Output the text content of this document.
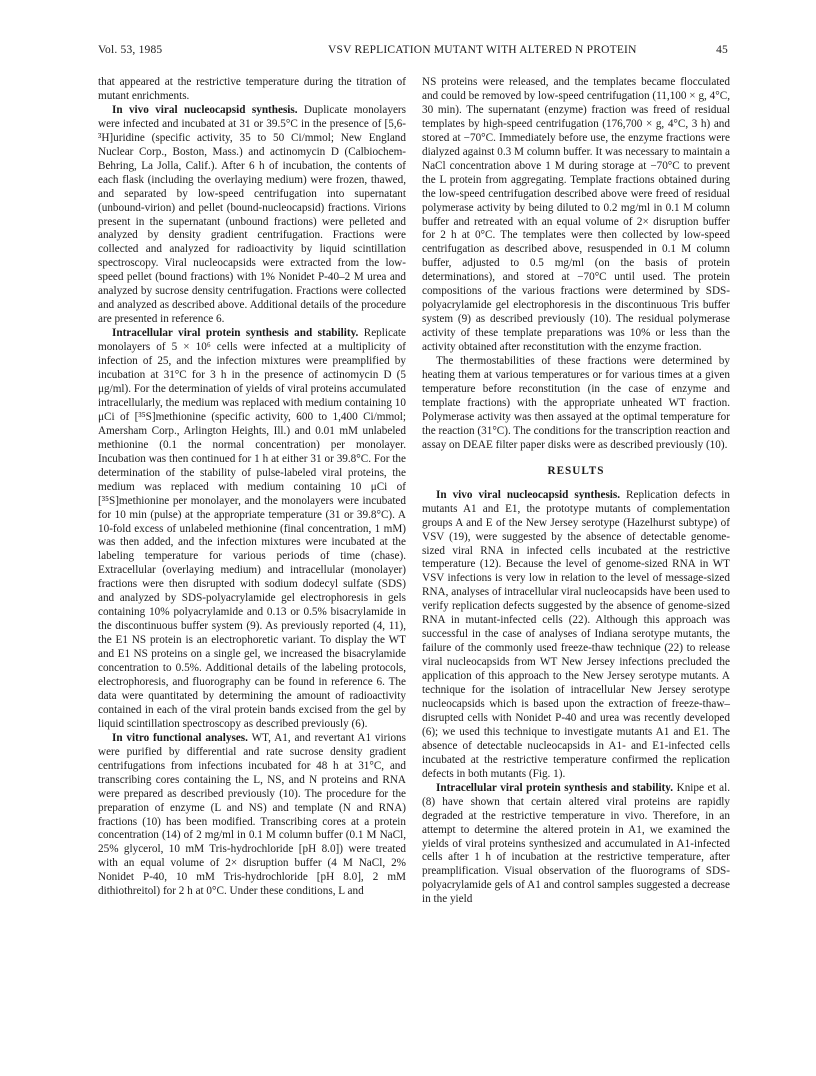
Vol. 53, 1985	VSV REPLICATION MUTANT WITH ALTERED N PROTEIN	45

that appeared at the restrictive temperature during the titration of mutant enrichments.

In vivo viral nucleocapsid synthesis. Duplicate monolayers were infected and incubated at 31 or 39.5°C in the presence of [5,6-³H]uridine (specific activity, 35 to 50 Ci/mmol; New England Nuclear Corp., Boston, Mass.) and actinomycin D (Calbiochem-Behring, La Jolla, Calif.). After 6 h of incubation, the contents of each flask (including the overlaying medium) were frozen, thawed, and separated by low-speed centrifugation into supernatant (unbound-virion) and pellet (bound-nucleocapsid) fractions. Virions present in the supernatant (unbound fractions) were pelleted and analyzed by density gradient centrifugation. Fractions were collected and analyzed for radioactivity by liquid scintillation spectroscopy. Viral nucleocapsids were extracted from the low-speed pellet (bound fractions) with 1% Nonidet P-40–2 M urea and analyzed by sucrose density centrifugation. Fractions were collected and analyzed as described above. Additional details of the procedure are presented in reference 6.

Intracellular viral protein synthesis and stability. Replicate monolayers of 5 × 10⁶ cells were infected at a multiplicity of infection of 25, and the infection mixtures were preamplified by incubation at 31°C for 3 h in the presence of actinomycin D (5 μg/ml). For the determination of yields of viral proteins accumulated intracellularly, the medium was replaced with medium containing 10 μCi of [³⁵S]methionine (specific activity, 600 to 1,400 Ci/mmol; Amersham Corp., Arlington Heights, Ill.) and 0.01 mM unlabeled methionine (0.1 the normal concentration) per monolayer. Incubation was then continued for 1 h at either 31 or 39.8°C. For the determination of the stability of pulse-labeled viral proteins, the medium was replaced with medium containing 10 μCi of [³⁵S]methionine per monolayer, and the monolayers were incubated for 10 min (pulse) at the appropriate temperature (31 or 39.8°C). A 10-fold excess of unlabeled methionine (final concentration, 1 mM) was then added, and the infection mixtures were incubated at the labeling temperature for various periods of time (chase). Extracellular (overlaying medium) and intracellular (monolayer) fractions were then disrupted with sodium dodecyl sulfate (SDS) and analyzed by SDS-polyacrylamide gel electrophoresis in gels containing 10% polyacrylamide and 0.13 or 0.5% bisacrylamide in the discontinuous buffer system (9). As previously reported (4, 11), the E1 NS protein is an electrophoretic variant. To display the WT and E1 NS proteins on a single gel, we increased the bisacrylamide concentration to 0.5%. Additional details of the labeling protocols, electrophoresis, and fluorography can be found in reference 6. The data were quantitated by determining the amount of radioactivity contained in each of the viral protein bands excised from the gel by liquid scintillation spectroscopy as described previously (6).

In vitro functional analyses. WT, A1, and revertant A1 virions were purified by differential and rate sucrose density gradient centrifugations from infections incubated for 48 h at 31°C, and transcribing cores containing the L, NS, and N proteins and RNA were prepared as described previously (10). The procedure for the preparation of enzyme (L and NS) and template (N and RNA) fractions (10) has been modified. Transcribing cores at a protein concentration (14) of 2 mg/ml in 0.1 M column buffer (0.1 M NaCl, 25% glycerol, 10 mM Tris-hydrochloride [pH 8.0]) were treated with an equal volume of 2× disruption buffer (4 M NaCl, 2% Nonidet P-40, 10 mM Tris-hydrochloride [pH 8.0], 2 mM dithiothreitol) for 2 h at 0°C. Under these conditions, L and

NS proteins were released, and the templates became flocculated and could be removed by low-speed centrifugation (11,100 × g, 4°C, 30 min). The supernatant (enzyme) fraction was freed of residual templates by high-speed centrifugation (176,700 × g, 4°C, 3 h) and stored at −70°C. Immediately before use, the enzyme fractions were dialyzed against 0.3 M column buffer. It was necessary to maintain a NaCl concentration above 1 M during storage at −70°C to prevent the L protein from aggregating. Template fractions obtained during the low-speed centrifugation described above were freed of residual polymerase activity by being diluted to 0.2 mg/ml in 0.1 M column buffer and retreated with an equal volume of 2× disruption buffer for 2 h at 0°C. The templates were then collected by low-speed centrifugation as described above, resuspended in 0.1 M column buffer, adjusted to 0.5 mg/ml (on the basis of protein determinations), and stored at −70°C until used. The protein compositions of the various fractions were determined by SDS-polyacrylamide gel electrophoresis in the discontinuous Tris buffer system (9) as described previously (10). The residual polymerase activity of these template preparations was 10% or less than the activity obtained after reconstitution with the enzyme fraction.

The thermostabilities of these fractions were determined by heating them at various temperatures or for various times at a given temperature before reconstitution (in the case of enzyme and template fractions) with the appropriate unheated WT fraction. Polymerase activity was then assayed at the optimal temperature for the reaction (31°C). The conditions for the transcription reaction and assay on DEAE filter paper disks were as described previously (10).

RESULTS

In vivo viral nucleocapsid synthesis. Replication defects in mutants A1 and E1, the prototype mutants of complementation groups A and E of the New Jersey serotype (Hazelhurst subtype) of VSV (19), were suggested by the absence of detectable genome-sized viral RNA in infected cells incubated at the restrictive temperature (12). Because the level of genome-sized RNA in WT VSV infections is very low in relation to the level of message-sized RNA, analyses of intracellular viral nucleocapsids have been used to verify replication defects suggested by the absence of genome-sized RNA in mutant-infected cells (22). Although this approach was successful in the case of analyses of Indiana serotype mutants, the failure of the commonly used freeze-thaw technique (22) to release viral nucleocapsids from WT New Jersey infections precluded the application of this approach to the New Jersey serotype mutants. A technique for the isolation of intracellular New Jersey serotype nucleocapsids which is based upon the extraction of freeze-thaw–disrupted cells with Nonidet P-40 and urea was recently developed (6); we used this technique to investigate mutants A1 and E1. The absence of detectable nucleocapsids in A1- and E1-infected cells incubated at the restrictive temperature confirmed the replication defects in both mutants (Fig. 1).

Intracellular viral protein synthesis and stability. Knipe et al. (8) have shown that certain altered viral proteins are rapidly degraded at the restrictive temperature in vivo. Therefore, in an attempt to determine the altered protein in A1, we examined the yields of viral proteins synthesized and accumulated in A1-infected cells after 1 h of incubation at the restrictive temperature, after preamplification. Visual observation of the fluorograms of SDS-polyacrylamide gels of A1 and control samples suggested a decrease in the yield
